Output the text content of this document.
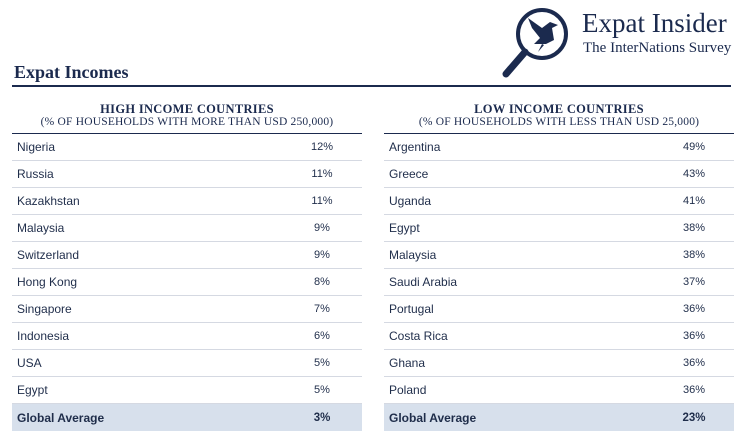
Expat Incomes
Expat Insider
The InterNations Survey
HIGH INCOME COUNTRIES
(% OF HOUSEHOLDS WITH MORE THAN USD 250,000)
Nigeria	12%
Russia	11%
Kazakhstan	11%
Malaysia	9%
Switzerland	9%
Hong Kong	8%
Singapore	7%
Indonesia	6%
USA	5%
Egypt	5%
Global Average	3%
LOW INCOME COUNTRIES
(% OF HOUSEHOLDS WITH LESS THAN USD 25,000)
Argentina	49%
Greece	43%
Uganda	41%
Egypt	38%
Malaysia	38%
Saudi Arabia	37%
Portugal	36%
Costa Rica	36%
Ghana	36%
Poland	36%
Global Average	23%
